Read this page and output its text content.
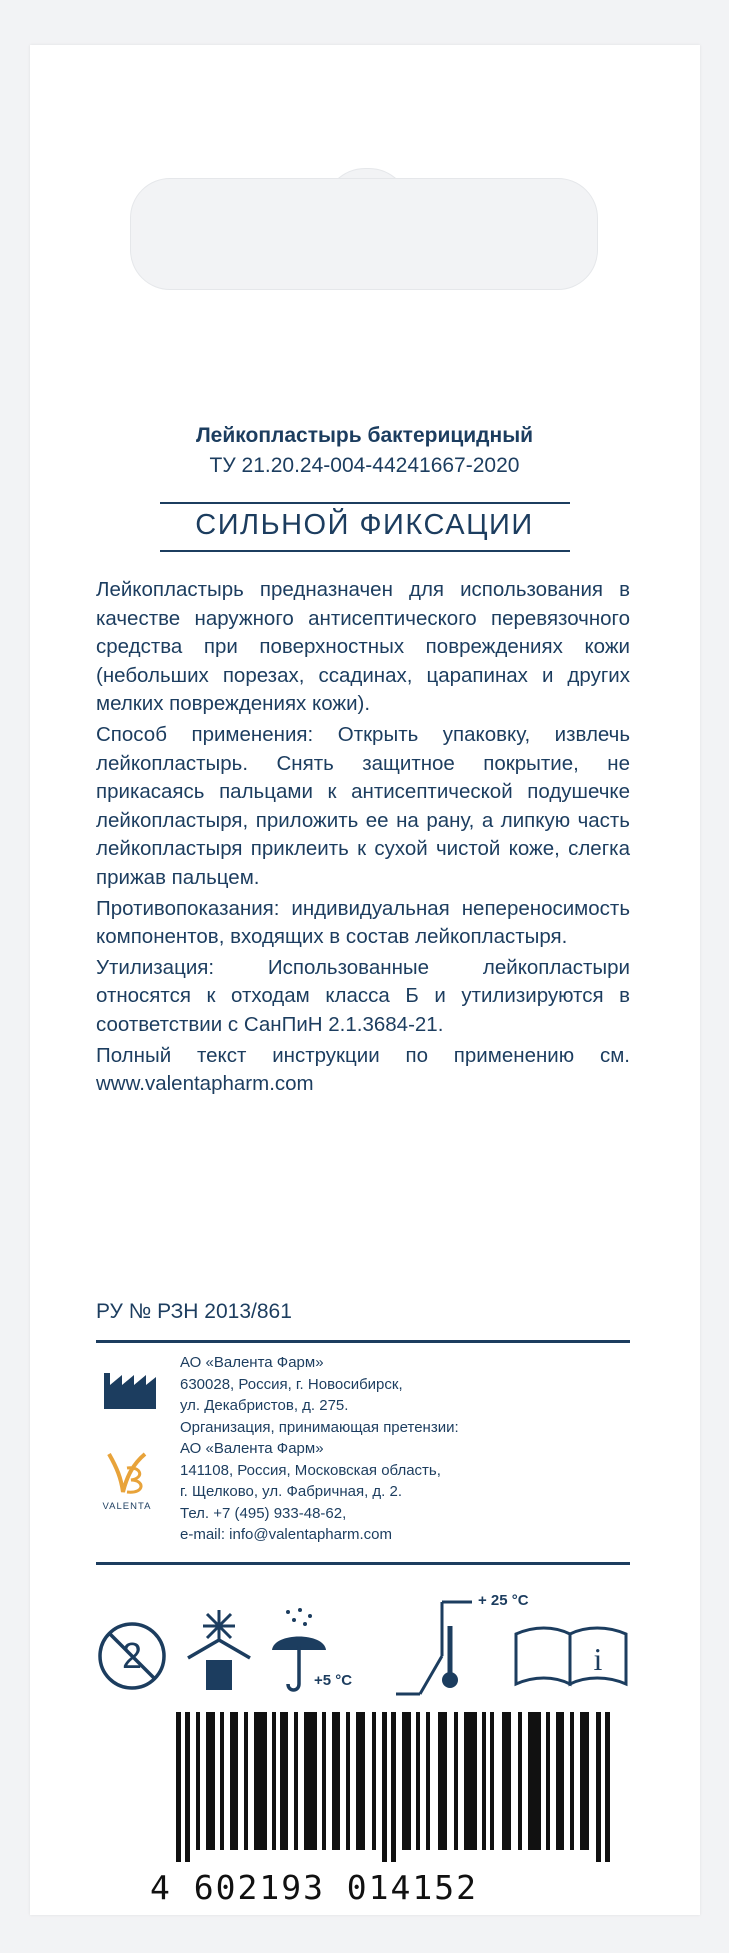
Лейкопластырь бактерицидный
ТУ 21.20.24-004-44241667-2020
СИЛЬНОЙ ФИКСАЦИИ

Лейкопластырь предназначен для использования в качестве наружного антисептического перевязочного средства при поверхностных повреждениях кожи (небольших порезах, ссадинах, царапинах и других мелких повреждениях кожи).

Способ применения: Открыть упаковку, извлечь лейкопластырь. Снять защитное покрытие, не прикасаясь пальцами к антисептической подушечке лейкопластыря, приложить ее на рану, а липкую часть лейкопластыря приклеить к сухой чистой коже, слегка прижав пальцем.

Противопоказания: индивидуальная непереносимость компонентов, входящих в состав лейкопластыря.

Утилизация: Использованные лейкопластыри относятся к отходам класса Б и утилизируются в соответствии с СанПиН 2.1.3684-21.

Полный текст инструкции по применению см. www.valentapharm.com

РУ № РЗН 2013/861
VALENTA
АО «Валента Фарм»
630028, Россия, г. Новосибирск,
ул. Декабристов, д. 275.
Организация, принимающая претензии:
АО «Валента Фарм»
141108, Россия, Московская область,
г. Щелково, ул. Фабричная, д. 2.
Тел. +7 (495) 933-48-62,
e-mail: info@valentapharm.com
2
+ 25 °C
+5 °C
i
4 602193 014152
